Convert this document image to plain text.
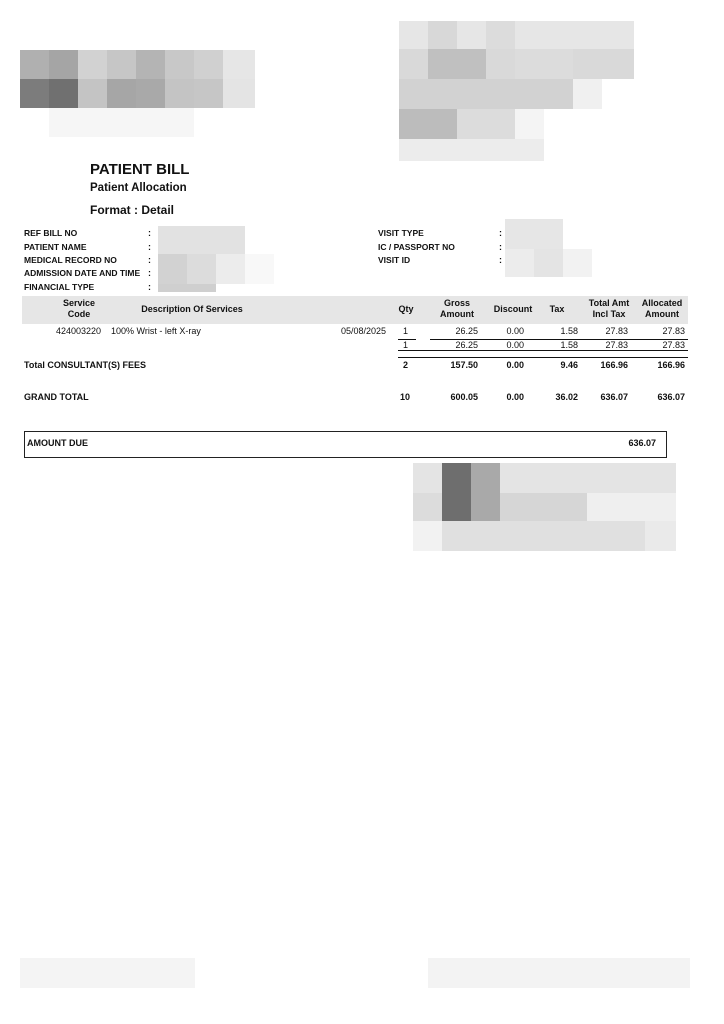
PATIENT BILL
Patient Allocation
Format : Detail
REF BILL NO	:
PATIENT NAME	:
MEDICAL RECORD NO	:
ADMISSION DATE AND TIME :
FINANCIAL TYPE	:
VISIT TYPE	:
IC / PASSPORT NO	:
VISIT ID	:
Service
Code	Description Of Services	Qty
Gross
Amount	Discount	Tax
Total Amt
Incl Tax
Allocated
Amount
424003220 100% Wrist - left X-ray	05/08/2025 1	26.25	0.00	1.58	27.83	27.83
1	26.25	0.00	1.58	27.83	27.83
Total CONSULTANT(S) FEES	2	157.50	0.00	9.46	166.96	166.96
GRAND TOTAL	10	600.05	0.00	36.02	636.07	636.07
AMOUNT DUE	636.07
